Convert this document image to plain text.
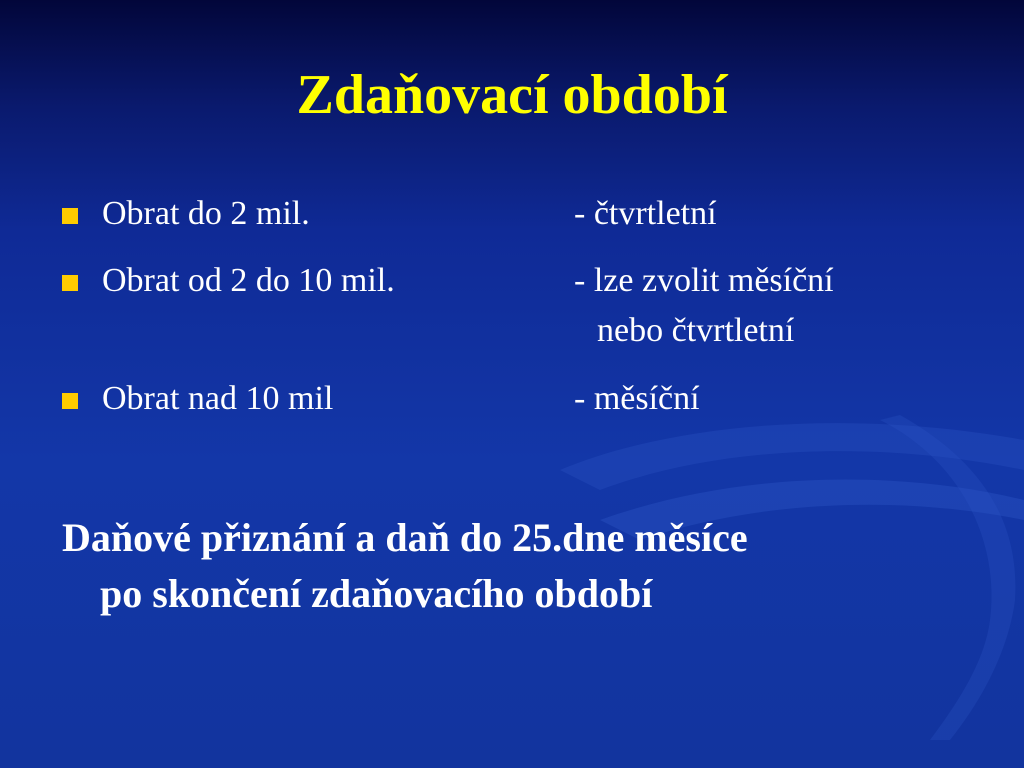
Zdaňovací období
Obrat do 2 mil.	- čtvrtletní
Obrat od 2 do 10 mil.	- lze zvolit měsíční
nebo čtvrtletní
Obrat nad 10 mil	- měsíční
Daňové přiznání a daň do 25.dne měsíce
po skončení zdaňovacího období
